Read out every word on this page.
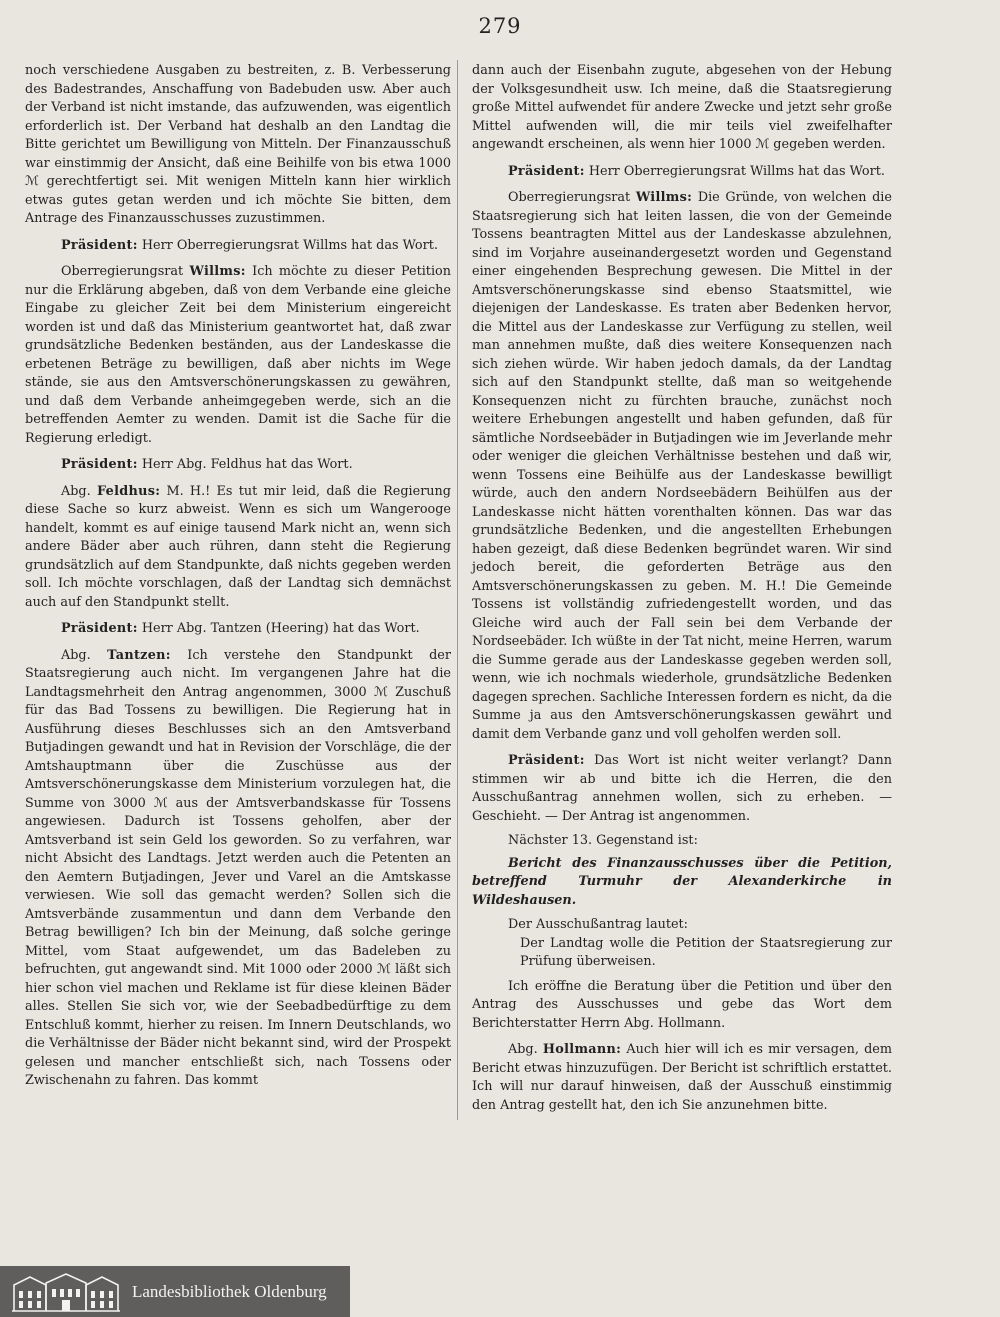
279

noch verschiedene Ausgaben zu bestreiten, z. B. Verbesserung des Badestrandes, Anschaffung von Badebuden usw. Aber auch der Verband ist nicht imstande, das aufzuwenden, was eigentlich erforderlich ist. Der Verband hat deshalb an den Landtag die Bitte gerichtet um Bewilligung von Mitteln. Der Finanzausschuß war einstimmig der Ansicht, daß eine Beihilfe von bis etwa 1000 ℳ gerechtfertigt sei. Mit wenigen Mitteln kann hier wirklich etwas gutes getan werden und ich möchte Sie bitten, dem Antrage des Finanzausschusses zuzustimmen.

Präsident: Herr Oberregierungsrat Willms hat das Wort.

Oberregierungsrat Willms: Ich möchte zu dieser Petition nur die Erklärung abgeben, daß von dem Verbande eine gleiche Eingabe zu gleicher Zeit bei dem Ministerium eingereicht worden ist und daß das Ministerium geantwortet hat, daß zwar grundsätzliche Bedenken beständen, aus der Landeskasse die erbetenen Beträge zu bewilligen, daß aber nichts im Wege stände, sie aus den Amtsverschönerungskassen zu gewähren, und daß dem Verbande anheimgegeben werde, sich an die betreffenden Aemter zu wenden. Damit ist die Sache für die Regierung erledigt.

Präsident: Herr Abg. Feldhus hat das Wort.

Abg. Feldhus: M. H.! Es tut mir leid, daß die Regierung diese Sache so kurz abweist. Wenn es sich um Wangerooge handelt, kommt es auf einige tausend Mark nicht an, wenn sich andere Bäder aber auch rühren, dann steht die Regierung grundsätzlich auf dem Standpunkte, daß nichts gegeben werden soll. Ich möchte vorschlagen, daß der Landtag sich demnächst auch auf den Standpunkt stellt.

Präsident: Herr Abg. Tantzen (Heering) hat das Wort.

Abg. Tantzen: Ich verstehe den Standpunkt der Staatsregierung auch nicht. Im vergangenen Jahre hat die Landtagsmehrheit den Antrag angenommen, 3000 ℳ Zuschuß für das Bad Tossens zu bewilligen. Die Regierung hat in Ausführung dieses Beschlusses sich an den Amtsverband Butjadingen gewandt und hat in Revision der Vorschläge, die der Amtshauptmann über die Zuschüsse aus der Amtsverschönerungskasse dem Ministerium vorzulegen hat, die Summe von 3000 ℳ aus der Amtsverbandskasse für Tossens angewiesen. Dadurch ist Tossens geholfen, aber der Amtsverband ist sein Geld los geworden. So zu verfahren, war nicht Absicht des Landtags. Jetzt werden auch die Petenten an den Aemtern Butjadingen, Jever und Varel an die Amtskasse verwiesen. Wie soll das gemacht werden? Sollen sich die Amtsverbände zusammentun und dann dem Verbande den Betrag bewilligen? Ich bin der Meinung, daß solche geringe Mittel, vom Staat aufgewendet, um das Badeleben zu befruchten, gut angewandt sind. Mit 1000 oder 2000 ℳ läßt sich hier schon viel machen und Reklame ist für diese kleinen Bäder alles. Stellen Sie sich vor, wie der Seebadbedürftige zu dem Entschluß kommt, hierher zu reisen. Im Innern Deutschlands, wo die Verhältnisse der Bäder nicht bekannt sind, wird der Prospekt gelesen und mancher entschließt sich, nach Tossens oder Zwischenahn zu fahren. Das kommt

dann auch der Eisenbahn zugute, abgesehen von der Hebung der Volksgesundheit usw. Ich meine, daß die Staatsregierung große Mittel aufwendet für andere Zwecke und jetzt sehr große Mittel aufwenden will, die mir teils viel zweifelhafter angewandt erscheinen, als wenn hier 1000 ℳ gegeben werden.

Präsident: Herr Oberregierungsrat Willms hat das Wort.

Oberregierungsrat Willms: Die Gründe, von welchen die Staatsregierung sich hat leiten lassen, die von der Gemeinde Tossens beantragten Mittel aus der Landeskasse abzulehnen, sind im Vorjahre auseinandergesetzt worden und Gegenstand einer eingehenden Besprechung gewesen. Die Mittel in der Amtsverschönerungskasse sind ebenso Staatsmittel, wie diejenigen der Landeskasse. Es traten aber Bedenken hervor, die Mittel aus der Landeskasse zur Verfügung zu stellen, weil man annehmen mußte, daß dies weitere Konsequenzen nach sich ziehen würde. Wir haben jedoch damals, da der Landtag sich auf den Standpunkt stellte, daß man so weitgehende Konsequenzen nicht zu fürchten brauche, zunächst noch weitere Erhebungen angestellt und haben gefunden, daß für sämtliche Nordseebäder in Butjadingen wie im Jeverlande mehr oder weniger die gleichen Verhältnisse bestehen und daß wir, wenn Tossens eine Beihülfe aus der Landeskasse bewilligt würde, auch den andern Nordseebädern Beihülfen aus der Landeskasse nicht hätten vorenthalten können. Das war das grundsätzliche Bedenken, und die angestellten Erhebungen haben gezeigt, daß diese Bedenken begründet waren. Wir sind jedoch bereit, die geforderten Beträge aus den Amtsverschönerungskassen zu geben. M. H.! Die Gemeinde Tossens ist vollständig zufriedengestellt worden, und das Gleiche wird auch der Fall sein bei dem Verbande der Nordseebäder. Ich wüßte in der Tat nicht, meine Herren, warum die Summe gerade aus der Landeskasse gegeben werden soll, wenn, wie ich nochmals wiederhole, grundsätzliche Bedenken dagegen sprechen. Sachliche Interessen fordern es nicht, da die Summe ja aus den Amtsverschönerungskassen gewährt und damit dem Verbande ganz und voll geholfen werden soll.

Präsident: Das Wort ist nicht weiter verlangt? Dann stimmen wir ab und bitte ich die Herren, die den Ausschußantrag annehmen wollen, sich zu erheben. — Geschieht. — Der Antrag ist angenommen.

Nächster 13. Gegenstand ist:

Bericht des Finanzausschusses über die Petition, betreffend Turmuhr der Alexanderkirche in Wildeshausen.

Der Ausschußantrag lautet:

Der Landtag wolle die Petition der Staatsregierung zur Prüfung überweisen.

Ich eröffne die Beratung über die Petition und über den Antrag des Ausschusses und gebe das Wort dem Berichterstatter Herrn Abg. Hollmann.

Abg. Hollmann: Auch hier will ich es mir versagen, dem Bericht etwas hinzuzufügen. Der Bericht ist schriftlich erstattet. Ich will nur darauf hinweisen, daß der Ausschuß einstimmig den Antrag gestellt hat, den ich Sie anzunehmen bitte.

Landesbibliothek Oldenburg
